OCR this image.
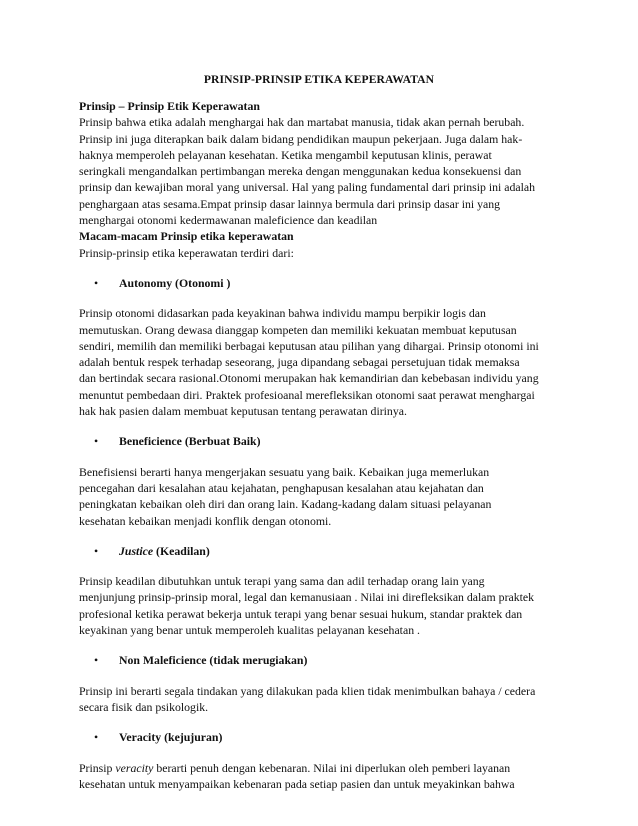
PRINSIP-PRINSIP ETIKA KEPERAWATAN
Prinsip – Prinsip Etik Keperawatan
Prinsip bahwa etika adalah menghargai hak dan martabat manusia, tidak akan pernah berubah.
Prinsip ini juga diterapkan baik dalam bidang pendidikan maupun pekerjaan. Juga dalam hak-
haknya memperoleh pelayanan kesehatan. Ketika mengambil keputusan klinis, perawat
seringkali mengandalkan pertimbangan mereka dengan menggunakan kedua konsekuensi dan
prinsip dan kewajiban moral yang universal. Hal yang paling fundamental dari prinsip ini adalah
penghargaan atas sesama.Empat prinsip dasar lainnya bermula dari prinsip dasar ini yang
menghargai otonomi kedermawanan maleficience dan keadilan
Macam-macam Prinsip etika keperawatan
Prinsip-prinsip etika keperawatan terdiri dari:
• Autonomy (Otonomi )
Prinsip otonomi didasarkan pada keyakinan bahwa individu mampu berpikir logis dan
memutuskan. Orang dewasa dianggap kompeten dan memiliki kekuatan membuat keputusan
sendiri, memilih dan memiliki berbagai keputusan atau pilihan yang dihargai. Prinsip otonomi ini
adalah bentuk respek terhadap seseorang, juga dipandang sebagai persetujuan tidak memaksa
dan bertindak secara rasional.Otonomi merupakan hak kemandirian dan kebebasan individu yang
menuntut pembedaan diri. Praktek profesioanal merefleksikan otonomi saat perawat menghargai
hak hak pasien dalam membuat keputusan tentang perawatan dirinya.
• Beneficience (Berbuat Baik)
Benefisiensi berarti hanya mengerjakan sesuatu yang baik. Kebaikan juga memerlukan
pencegahan dari kesalahan atau kejahatan, penghapusan kesalahan atau kejahatan dan
peningkatan kebaikan oleh diri dan orang lain. Kadang-kadang dalam situasi pelayanan
kesehatan kebaikan menjadi konflik dengan otonomi.
• Justice (Keadilan)
Prinsip keadilan dibutuhkan untuk terapi yang sama dan adil terhadap orang lain yang
menjunjung prinsip-prinsip moral, legal dan kemanusiaan . Nilai ini direfleksikan dalam praktek
profesional ketika perawat bekerja untuk terapi yang benar sesuai hukum, standar praktek dan
keyakinan yang benar untuk memperoleh kualitas pelayanan kesehatan .
• Non Maleficience (tidak merugiakan)
Prinsip ini berarti segala tindakan yang dilakukan pada klien tidak menimbulkan bahaya / cedera
secara fisik dan psikologik.
• Veracity (kejujuran)
Prinsip veracity berarti penuh dengan kebenaran. Nilai ini diperlukan oleh pemberi layanan
kesehatan untuk menyampaikan kebenaran pada setiap pasien dan untuk meyakinkan bahwa
